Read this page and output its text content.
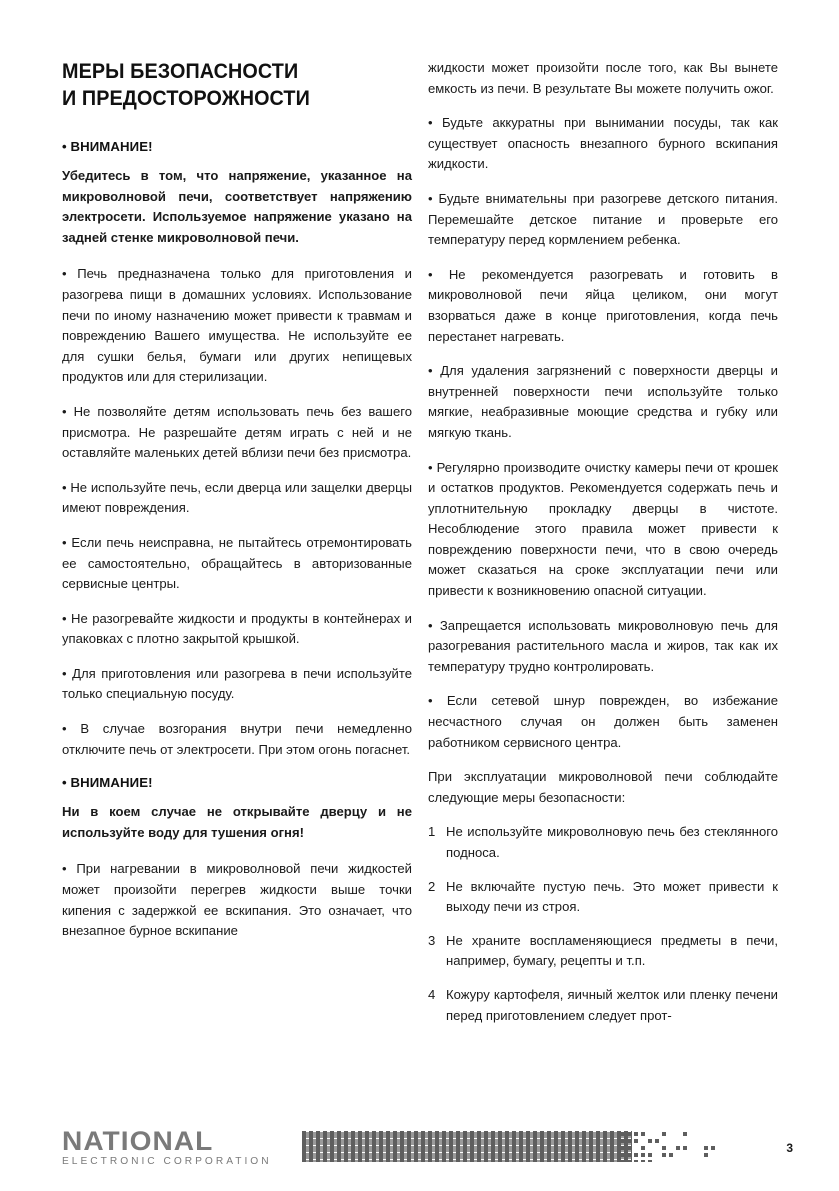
МЕРЫ БЕЗОПАСНОСТИ
И ПРЕДОСТОРОЖНОСТИ

• ВНИМАНИЕ!

Убедитесь в том, что напряжение, указанное на микроволновой печи, соответствует напряжению электросети. Используемое напряжение указано на задней стенке микроволновой печи.

• Печь предназначена только для приготовления и разогрева пищи в домашних условиях. Использование печи по иному назначению может привести к травмам и повреждению Вашего имущества. Не используйте ее для сушки белья, бумаги или других непищевых продуктов или для стерилизации.

• Не позволяйте детям использовать печь без вашего присмотра. Не разрешайте детям играть с ней и не оставляйте маленьких детей вблизи печи без присмотра.

• Не используйте печь, если дверца или защелки дверцы имеют повреждения.

• Если печь неисправна, не пытайтесь отремонтировать ее самостоятельно, обращайтесь в авторизованные сервисные центры.

• Не разогревайте жидкости и продукты в контейнерах и упаковках с плотно закрытой крышкой.

• Для приготовления или разогрева в печи используйте только специальную посуду.

• В случае возгорания внутри печи немедленно отключите печь от электросети. При этом огонь погаснет.

• ВНИМАНИЕ!

Ни в коем случае не открывайте дверцу и не используйте воду для тушения огня!

• При нагревании в микроволновой печи жидкостей может произойти перегрев жидкости выше точки кипения с задержкой ее вскипания. Это означает, что внезапное бурное вскипание

жидкости может произойти после того, как Вы вынете емкость из печи. В результате Вы можете получить ожог.

• Будьте аккуратны при вынимании посуды, так как существует опасность внезапного бурного вскипания жидкости.

• Будьте внимательны при разогреве детского питания. Перемешайте детское питание и проверьте его температуру перед кормлением ребенка.

• Не рекомендуется разогревать и готовить в микроволновой печи яйца целиком, они могут взорваться даже в конце приготовления, когда печь перестанет нагревать.

• Для удаления загрязнений с поверхности дверцы и внутренней поверхности печи используйте только мягкие, неабразивные моющие средства и губку или мягкую ткань.

• Регулярно производите очистку камеры печи от крошек и остатков продуктов. Рекомендуется содержать печь и уплотнительную прокладку дверцы в чистоте. Несоблюдение этого правила может привести к повреждению поверхности печи, что в свою очередь может сказаться на сроке эксплуатации печи или привести к возникновению опасной ситуации.

• Запрещается использовать микроволновую печь для разогревания растительного масла и жиров, так как их температуру трудно контролировать.

• Если сетевой шнур поврежден, во избежание несчастного случая он должен быть заменен работником сервисного центра.

При эксплуатации микроволновой печи соблюдайте следующие меры безопасности:

1 Не используйте микроволновую печь без стеклянного подноса.
2 Не включайте пустую печь. Это может привести к выходу печи из строя.
3 Не храните воспламеняющиеся предметы в печи, например, бумагу, рецепты и т.п.
4 Кожуру картофеля, яичный желток или пленку печени перед приготовлением следует прот-
NATIONAL
ELECTRONIC CORPORATION
3
